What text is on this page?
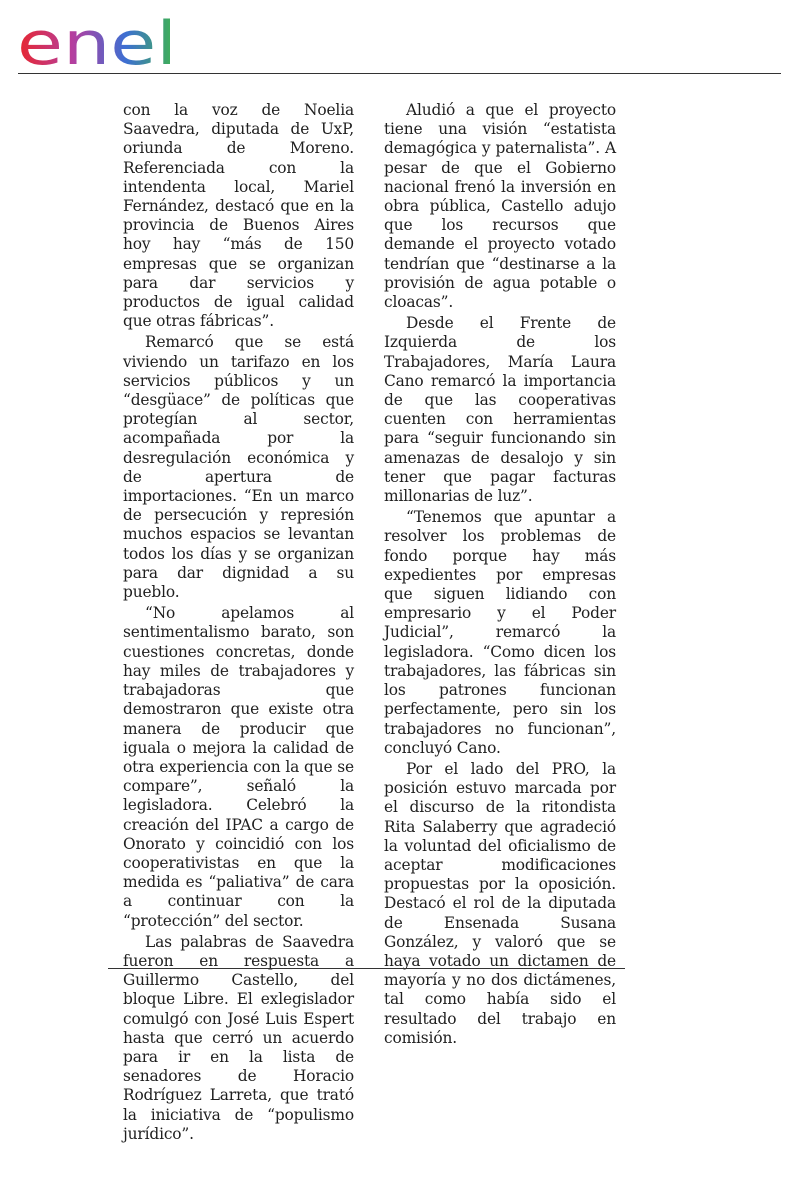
enel

con la voz de Noelia Saavedra, diputada de UxP, oriunda de Moreno. Referenciada con la intendenta local, Mariel Fernández, destacó que en la provincia de Buenos Aires hoy hay “más de 150 empresas que se organizan para dar servicios y productos de igual calidad que otras fábricas”.

Remarcó que se está viviendo un tarifazo en los servicios públicos y un “desgüace” de políticas que protegían al sector, acompañada por la desregulación económica y de apertura de importaciones. “En un marco de persecución y represión muchos espacios se levantan todos los días y se organizan para dar dignidad a su pueblo.

“No apelamos al sentimentalismo barato, son cuestiones concretas, donde hay miles de trabajadores y trabajadoras que demostraron que existe otra manera de producir que iguala o mejora la calidad de otra experiencia con la que se compare”, señaló la legisladora. Celebró la creación del IPAC a cargo de Onorato y coincidió con los cooperativistas en que la medida es “paliativa” de cara a continuar con la “protección” del sector.

Las palabras de Saavedra fueron en respuesta a Guillermo Castello, del bloque Libre. El exlegislador comulgó con José Luis Espert hasta que cerró un acuerdo para ir en la lista de senadores de Horacio Rodríguez Larreta, que trató la iniciativa de “populismo jurídico”.

Aludió a que el proyecto tiene una visión “estatista demagógica y paternalista”. A pesar de que el Gobierno nacional frenó la inversión en obra pública, Castello adujo que los recursos que demande el proyecto votado tendrían que “destinarse a la provisión de agua potable o cloacas”.

Desde el Frente de Izquierda de los Trabajadores, María Laura Cano remarcó la importancia de que las cooperativas cuenten con herramientas para “seguir funcionando sin amenazas de desalojo y sin tener que pagar facturas millonarias de luz”.

“Tenemos que apuntar a resolver los problemas de fondo porque hay más expedientes por empresas que siguen lidiando con empresario y el Poder Judicial”, remarcó la legisladora. “Como dicen los trabajadores, las fábricas sin los patrones funcionan perfectamente, pero sin los trabajadores no funcionan”, concluyó Cano.

Por el lado del PRO, la posición estuvo marcada por el discurso de la ritondista Rita Salaberry que agradeció la voluntad del oficialismo de aceptar modificaciones propuestas por la oposición. Destacó el rol de la diputada de Ensenada Susana González, y valoró que se haya votado un dictamen de mayoría y no dos dictámenes, tal como había sido el resultado del trabajo en comisión.
